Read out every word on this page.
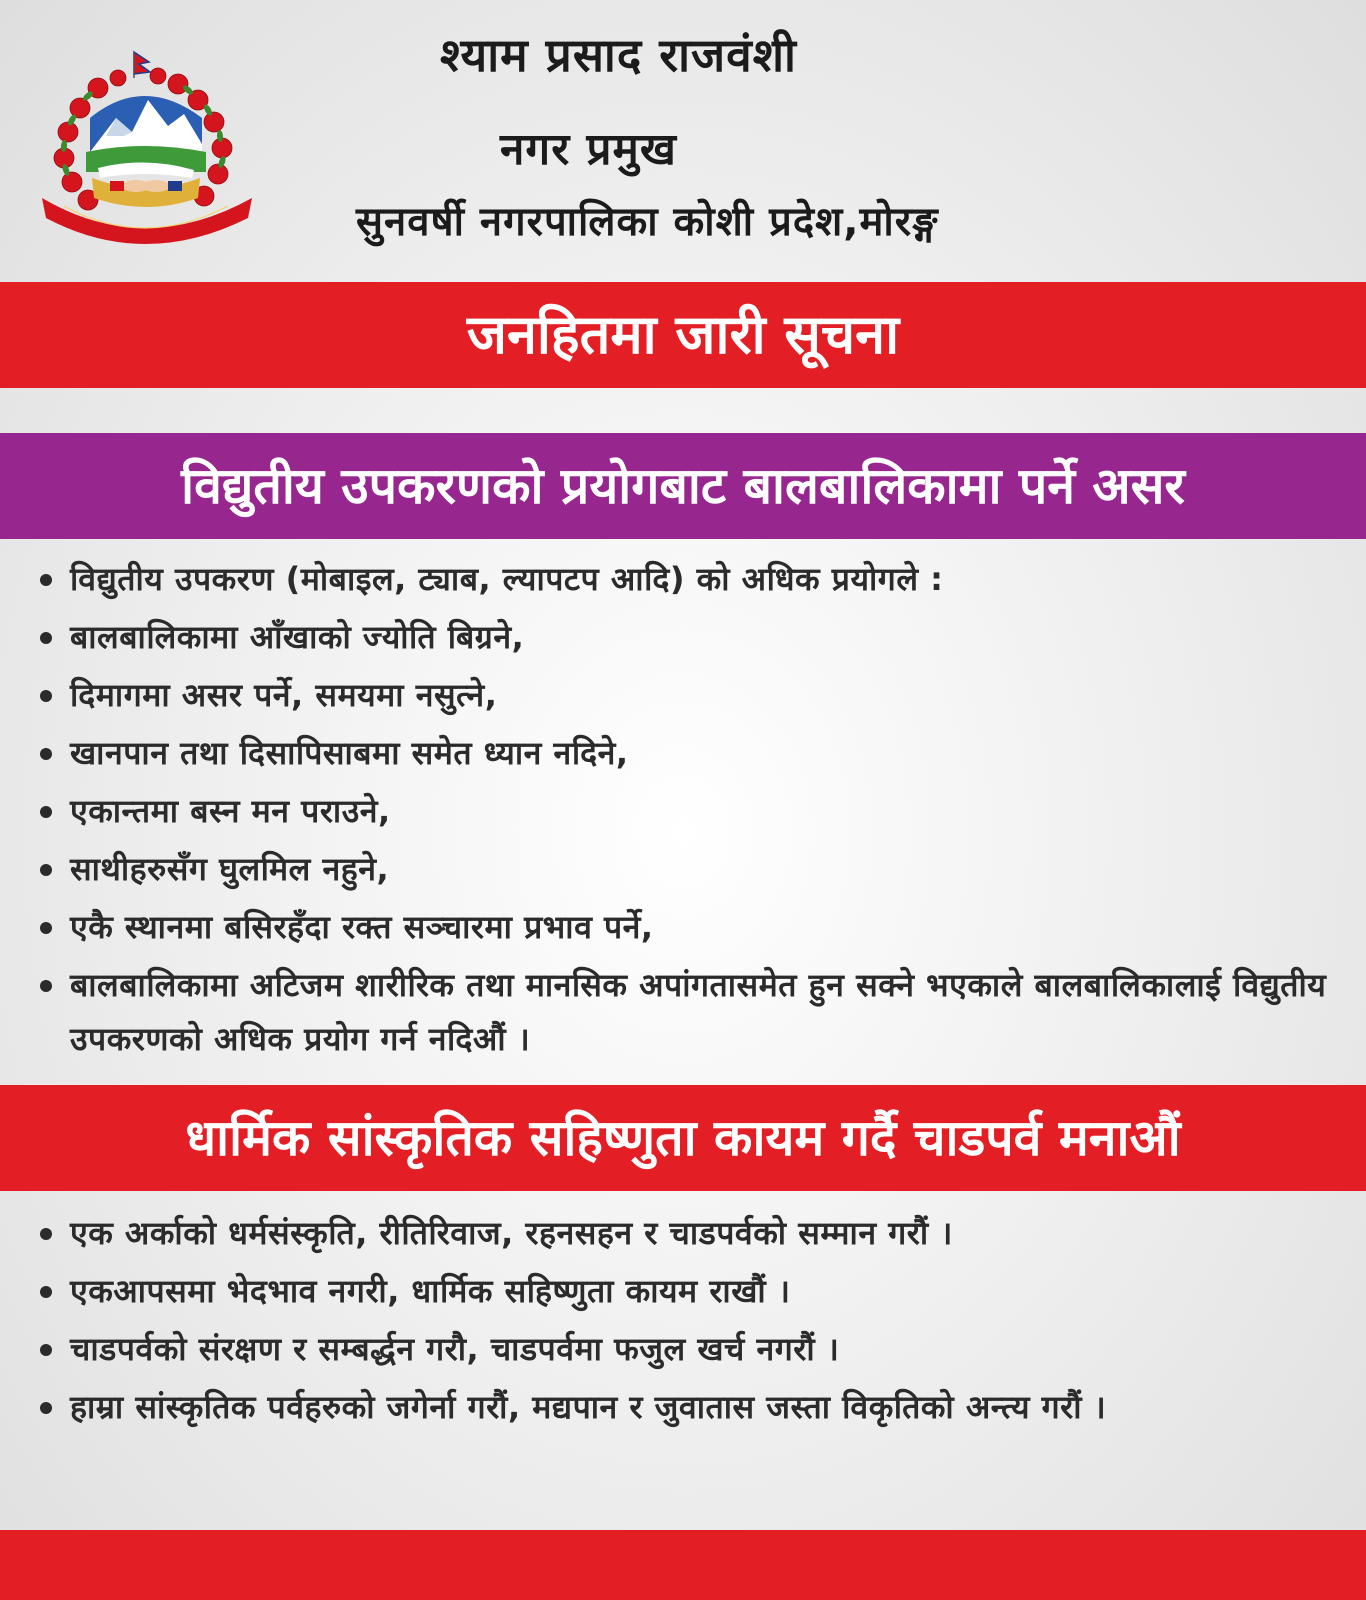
श्याम प्रसाद राजवंशी

नगर प्रमुख

सुनवर्षी नगरपालिका कोशी प्रदेश,मोरङ्ग

जनहितमा जारी सूचना
विद्युतीय उपकरणको प्रयोगबाट बालबालिकामा पर्ने असर
विद्युतीय उपकरण (मोबाइल, ट्याब, ल्यापटप आदि) को अधिक प्रयोगले :
बालबालिकामा आँखाको ज्योति बिग्रने,
दिमागमा असर पर्ने, समयमा नसुत्ने,
खानपान तथा दिसापिसाबमा समेत ध्यान नदिने,
एकान्तमा बस्न मन पराउने,
साथीहरुसँग घुलमिल नहुने,
एकै स्थानमा बसिरहँदा रक्त सञ्चारमा प्रभाव पर्ने,
बालबालिकामा अटिजम शारीरिक तथा मानसिक अपांगतासमेत हुन सक्ने भएकाले बालबालिकालाई विद्युतीय उपकरणको अधिक प्रयोग गर्न नदिऔं ।
धार्मिक सांस्कृतिक सहिष्णुता कायम गर्दै चाडपर्व मनाऔं
एक अर्काको धर्मसंस्कृति, रीतिरिवाज, रहनसहन र चाडपर्वको सम्मान गरौं ।
एकआपसमा भेदभाव नगरी, धार्मिक सहिष्णुता कायम राखौं ।
चाडपर्वको संरक्षण र सम्बर्द्धन गरौ, चाडपर्वमा फजुल खर्च नगरौं ।
हाम्रा सांस्कृतिक पर्वहरुको जगेर्ना गरौं, मद्यपान र जुवातास जस्ता विकृतिको अन्त्य गरौं ।
